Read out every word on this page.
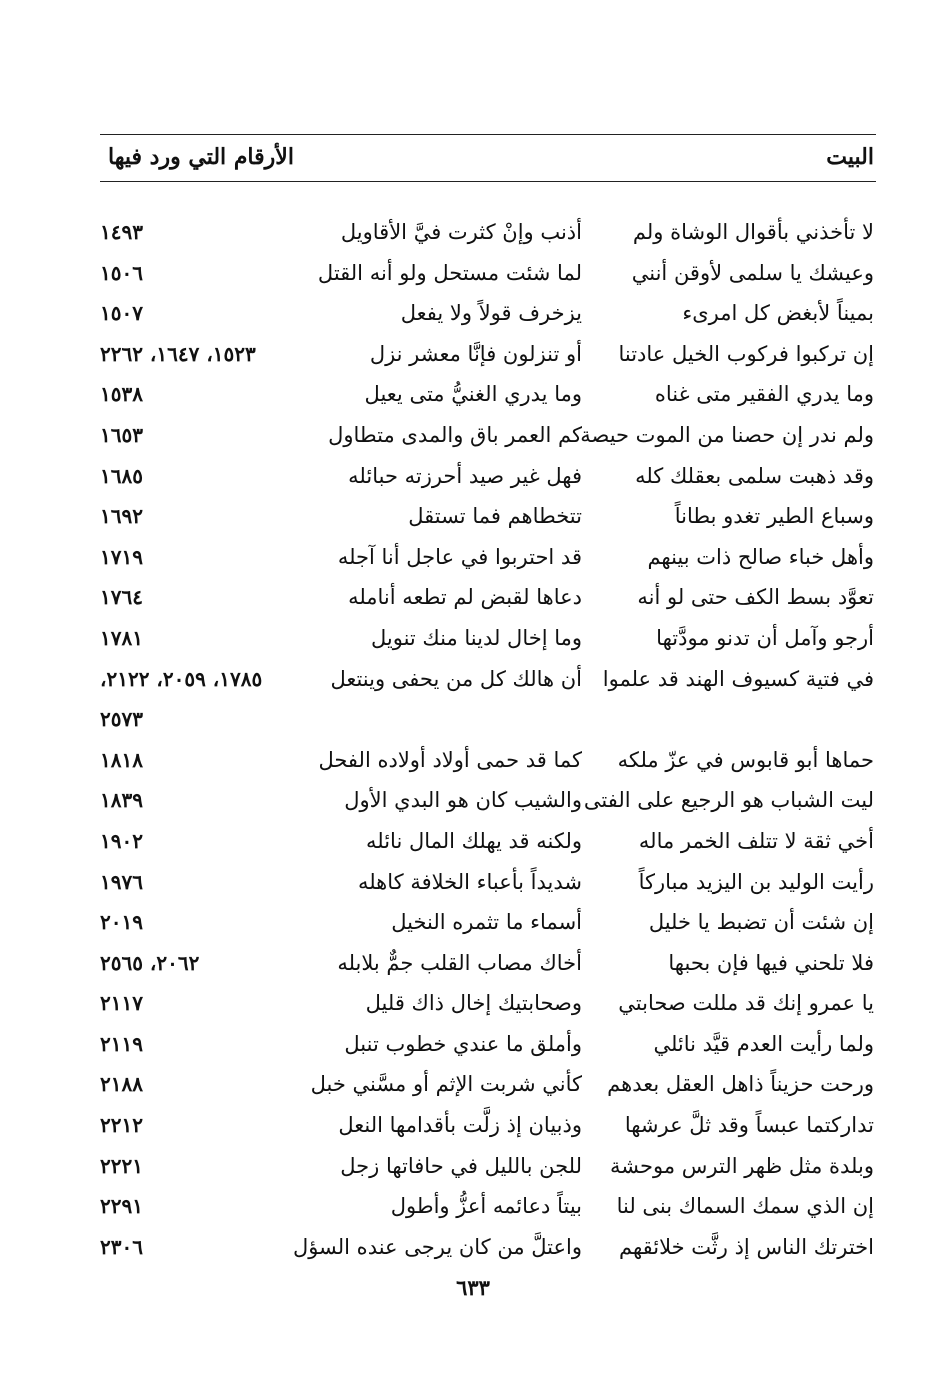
البيت
الأرقام التي ورد فيها
لا تأخذني بأقوال الوشاة ولم
أذنب وإنْ كثرت فيَّ الأقاويل
١٤٩٣
وعيشك يا سلمى لأوقن أنني
لما شئت مستحل ولو أنه القتل
١٥٠٦
بميناً لأبغض كل امرىء
يزخرف قولاً ولا يفعل
١٥٠٧
إن تركبوا فركوب الخيل عادتنا
أو تنزلون فإنَّا معشر نزل
١٥٢٣، ١٦٤٧، ٢٢٦٢
وما يدري الفقير متى غناه
وما يدري الغنيُّ متى يعيل
١٥٣٨
ولم ندر إن حصنا من الموت حيصة
كم العمر باق والمدى متطاول
١٦٥٣
وقد ذهبت سلمى بعقلك كله
فهل غير صيد أحرزته حبائله
١٦٨٥
وسباع الطير تغدو بطاناً
تتخطاهم فما تستقل
١٦٩٢
وأهل خباء صالح ذات بينهم
قد احتربوا في عاجل أنا آجله
١٧١٩
تعوَّد بسط الكف حتى لو أنه
دعاها لقبض لم تطعه أنامله
١٧٦٤
أرجو وآمل أن تدنو مودَّتها
وما إخال لدينا منك تنويل
١٧٨١
في فتية كسيوف الهند قد علموا
أن هالك كل من يحفى وينتعل
١٧٨٥، ٢٠٥٩، ٢١٢٢،
٢٥٧٣
حماها أبو قابوس في عزّ ملكه
كما قد حمى أولاد أولاده الفحل
١٨١٨
ليت الشباب هو الرجيع على الفتى
والشيب كان هو البدي الأول
١٨٣٩
أخي ثقة لا تتلف الخمر ماله
ولكنه قد يهلك المال نائله
١٩٠٢
رأيت الوليد بن اليزيد مباركاً
شديداً بأعباء الخلافة كاهله
١٩٧٦
إن شئت أن تضبط يا خليل
أسماء ما تثمره النخيل
٢٠١٩
فلا تلحني فيها فإن بحبها
أخاك مصاب القلب جمٌّ بلابله
٢٠٦٢، ٢٥٦٥
يا عمرو إنك قد مللت صحابتي
وصحابتيك إخال ذاك قليل
٢١١٧
ولما رأيت العدم قيَّد نائلي
وأملق ما عندي خطوب تنبل
٢١١٩
ورحت حزيناً ذاهل العقل بعدهم
كأني شربت الإثم أو مسَّني خبل
٢١٨٨
تداركتما عبساً وقد ثلَّ عرشها
وذبيان إذ زلَّت بأقدامها النعل
٢٢١٢
وبلدة مثل ظهر الترس موحشة
للجن بالليل في حافاتها زجل
٢٢٢١
إن الذي سمك السماك بنى لنا
بيتاً دعائمه أعزُّ وأطول
٢٢٩١
اخترتك الناس إذ رثَّت خلائقهم
واعتلَّ من كان يرجى عنده السؤل
٢٣٠٦
٦٣٣
